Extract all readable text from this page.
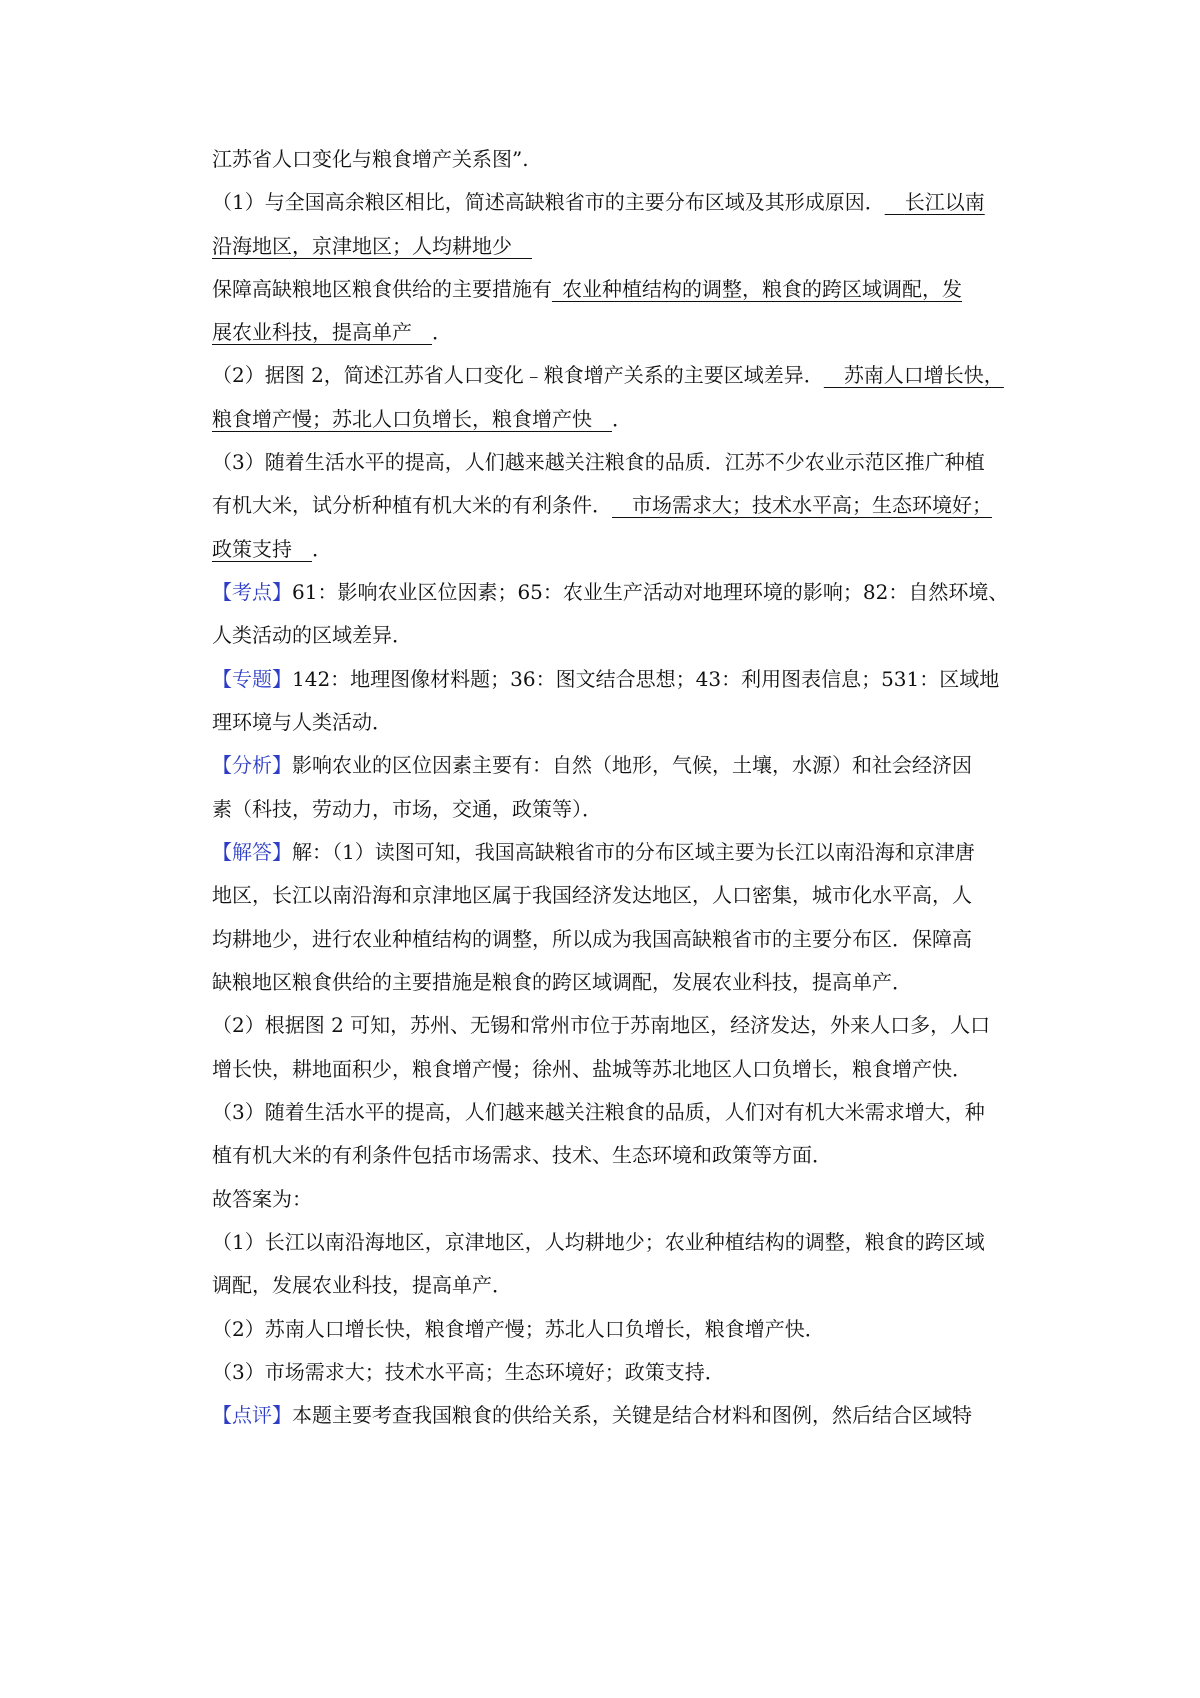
江苏省人口变化与粮食增产关系图”.
（1）与全国高余粮区相比，简述高缺粮省市的主要分布区域及其形成原因．  长江以南
沿海地区，京津地区；人均耕地少 
保障高缺粮地区粮食供给的主要措施有  农业种植结构的调整，粮食的跨区域调配，发
展农业科技，提高单产  ．
（2）据图 2，简述江苏省人口变化﹣粮食增产关系的主要区域差异．  苏南人口增长快，
粮食增产慢；苏北人口负增长，粮食增产快  ．
（3）随着生活水平的提高，人们越来越关注粮食的品质．江苏不少农业示范区推广种植
有机大米，试分析种植有机大米的有利条件．  市场需求大；技术水平高；生态环境好；
政策支持  ．
【考点】61：影响农业区位因素；65：农业生产活动对地理环境的影响；82：自然环境、
人类活动的区域差异．
【专题】142：地理图像材料题；36：图文结合思想；43：利用图表信息；531：区域地
理环境与人类活动．
【分析】影响农业的区位因素主要有：自然（地形，气候，土壤，水源）和社会经济因
素（科技，劳动力，市场，交通，政策等）．
【解答】解：（1）读图可知，我国高缺粮省市的分布区域主要为长江以南沿海和京津唐
地区，长江以南沿海和京津地区属于我国经济发达地区，人口密集，城市化水平高，人
均耕地少，进行农业种植结构的调整，所以成为我国高缺粮省市的主要分布区．保障高
缺粮地区粮食供给的主要措施是粮食的跨区域调配，发展农业科技，提高单产．
（2）根据图 2 可知，苏州、无锡和常州市位于苏南地区，经济发达，外来人口多，人口
增长快，耕地面积少，粮食增产慢；徐州、盐城等苏北地区人口负增长，粮食增产快．
（3）随着生活水平的提高，人们越来越关注粮食的品质，人们对有机大米需求增大，种
植有机大米的有利条件包括市场需求、技术、生态环境和政策等方面．
故答案为：
（1）长江以南沿海地区，京津地区，人均耕地少；农业种植结构的调整，粮食的跨区域
调配，发展农业科技，提高单产．
（2）苏南人口增长快，粮食增产慢；苏北人口负增长，粮食增产快．
（3）市场需求大；技术水平高；生态环境好；政策支持．
【点评】本题主要考查我国粮食的供给关系，关键是结合材料和图例，然后结合区域特
